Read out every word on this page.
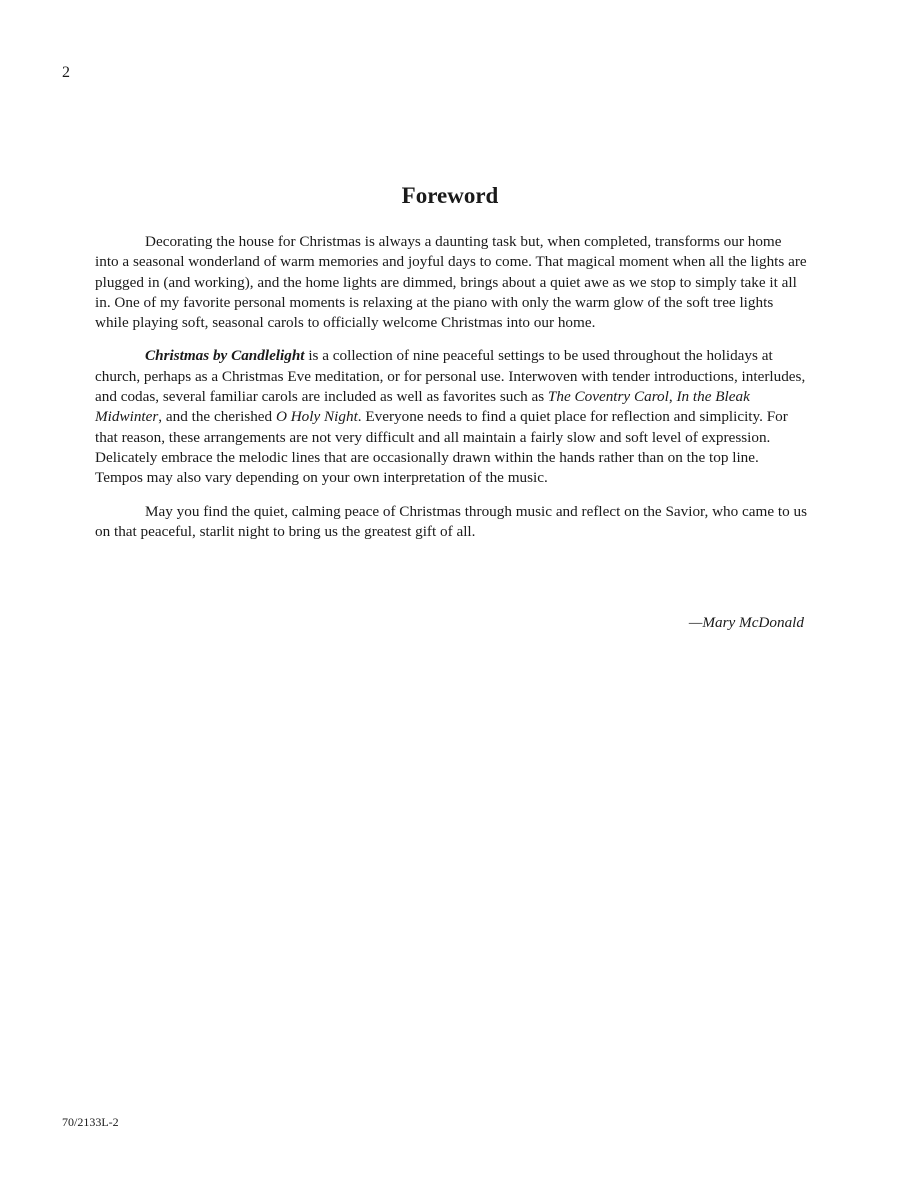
2
Foreword

Decorating the house for Christmas is always a daunting task but, when completed, transforms our home into a seasonal wonderland of warm memories and joyful days to come. That magical moment when all the lights are plugged in (and working), and the home lights are dimmed, brings about a quiet awe as we stop to simply take it all in. One of my favorite personal moments is relaxing at the piano with only the warm glow of the soft tree lights while playing soft, seasonal carols to officially welcome Christmas into our home.

Christmas by Candlelight is a collection of nine peaceful settings to be used throughout the holidays at church, perhaps as a Christmas Eve meditation, or for personal use. Interwoven with tender introductions, interludes, and codas, several familiar carols are included as well as favorites such as The Coventry Carol, In the Bleak Midwinter, and the cherished O Holy Night. Everyone needs to find a quiet place for reflection and simplicity. For that reason, these arrangements are not very difficult and all maintain a fairly slow and soft level of expression. Delicately embrace the melodic lines that are occasionally drawn within the hands rather than on the top line. Tempos may also vary depending on your own interpretation of the music.

May you find the quiet, calming peace of Christmas through music and reflect on the Savior, who came to us on that peaceful, starlit night to bring us the greatest gift of all.

—Mary McDonald
70/2133L-2
